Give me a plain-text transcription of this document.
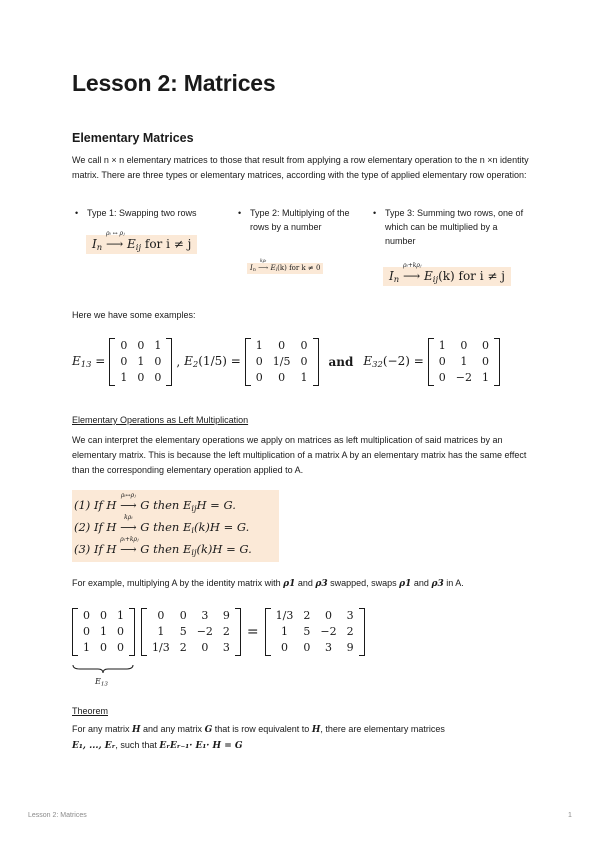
Lesson 2: Matrices
Elementary Matrices

We call n × n elementary matrices to those that result from applying a row elementary operation to the n ×n identity matrix. There are three types or elementary matrices, according with the type of applied elementary row operation:

• Type 1: Swapping two rows
$I_n$
ρᵢ ↔ ρⱼ
⟶ $E_{ij}$ for i ≠ j
• Type 2: Multiplying of the rows by a number
$I_n$
kρᵢ
⟶ $E_i(k)$ for k ≠ 0
• Type 3: Summing two rows, one of which can be multiplied by a number
$I_n$
ρᵢ+kρⱼ
⟶ $E_{ij}(k)$ for i ≠ j

Here we have some examples:

$E_{13}$ =
0	0	1
0	1	0
1	0	0
, $E_2(1/5)$ =
1	0	0
0	1/5	0
0	0	1
and $E_{32}(-2)$ =
1	0	0
0	1	0
0	−2	1

Elementary Operations as Left Multiplication

We can interpret the elementary operations we apply on matrices as left multiplication of said matrices by an elementary matrix. This is because the left multiplication of a matrix A by an elementary matrix has the same effect than the corresponding elementary operation applied to A.

(1) If H
ρᵢ↔ρⱼ
⟶ G then $E_{ij}H = G$.
(2) If H
kρᵢ
⟶ G then $E_i(k)H = G$.
(3) If H
ρᵢ+kρⱼ
⟶ G then $E_{ij}(k)H = G$.

For example, multiplying A by the identity matrix with ρ1 and ρ3 swapped, swaps ρ1 and ρ3 in A.

0	0	1
0	1	0
1	0	0
0	0	3	9
1	5	−2	2
1/3	2	0	3
=
1/3	2	0	3
1	5	−2	2
0	0	3	9
$E_{13}$

Theorem

For any matrix H and any matrix G that is row equivalent to H, there are elementary matrices

E₁, ..., Eᵣ, such that EᵣEᵣ₋₁· E₁· H = G

Lesson 2: Matrices	1
